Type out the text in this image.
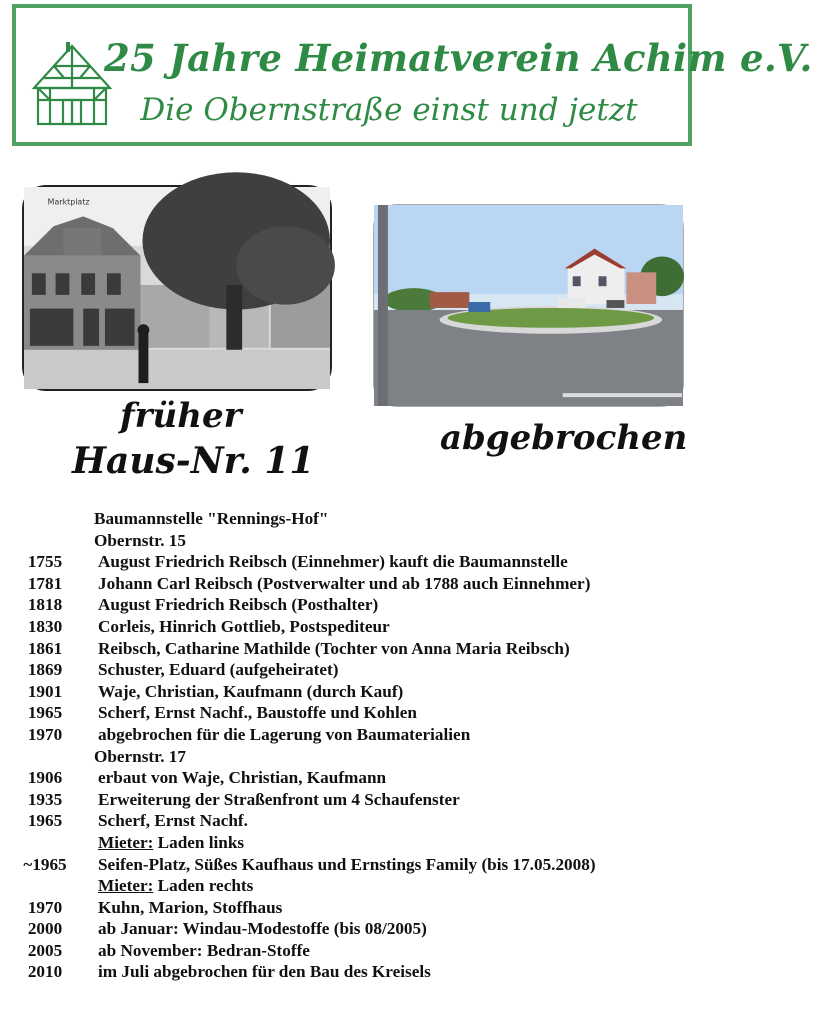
25 Jahre Heimatverein Achim e.V.
Die Obernstraße einst und jetzt
Marktplatz
früher
Haus-Nr. 11
abgebrochen
Baumannstelle "Rennings-Hof"
Obernstr. 15
1755	August Friedrich Reibsch (Einnehmer) kauft die Baumannstelle
1781	Johann Carl Reibsch (Postverwalter und ab 1788 auch Einnehmer)
1818	August Friedrich Reibsch (Posthalter)
1830	Corleis, Hinrich Gottlieb, Postspediteur
1861	Reibsch, Catharine Mathilde (Tochter von Anna Maria Reibsch)
1869	Schuster, Eduard (aufgeheiratet)
1901	Waje, Christian, Kaufmann (durch Kauf)
1965	Scherf, Ernst Nachf., Baustoffe und Kohlen
1970	abgebrochen für die Lagerung von Baumaterialien
Obernstr. 17
1906	erbaut von Waje, Christian, Kaufmann
1935	Erweiterung der Straßenfront um 4 Schaufenster
1965	Scherf, Ernst Nachf.
Mieter: Laden links
~1965	Seifen-Platz, Süßes Kaufhaus und Ernstings Family (bis 17.05.2008)
Mieter: Laden rechts
1970	Kuhn, Marion, Stoffhaus
2000	ab Januar: Windau-Modestoffe (bis 08/2005)
2005	ab November: Bedran-Stoffe
2010	im Juli abgebrochen für den Bau des Kreisels
